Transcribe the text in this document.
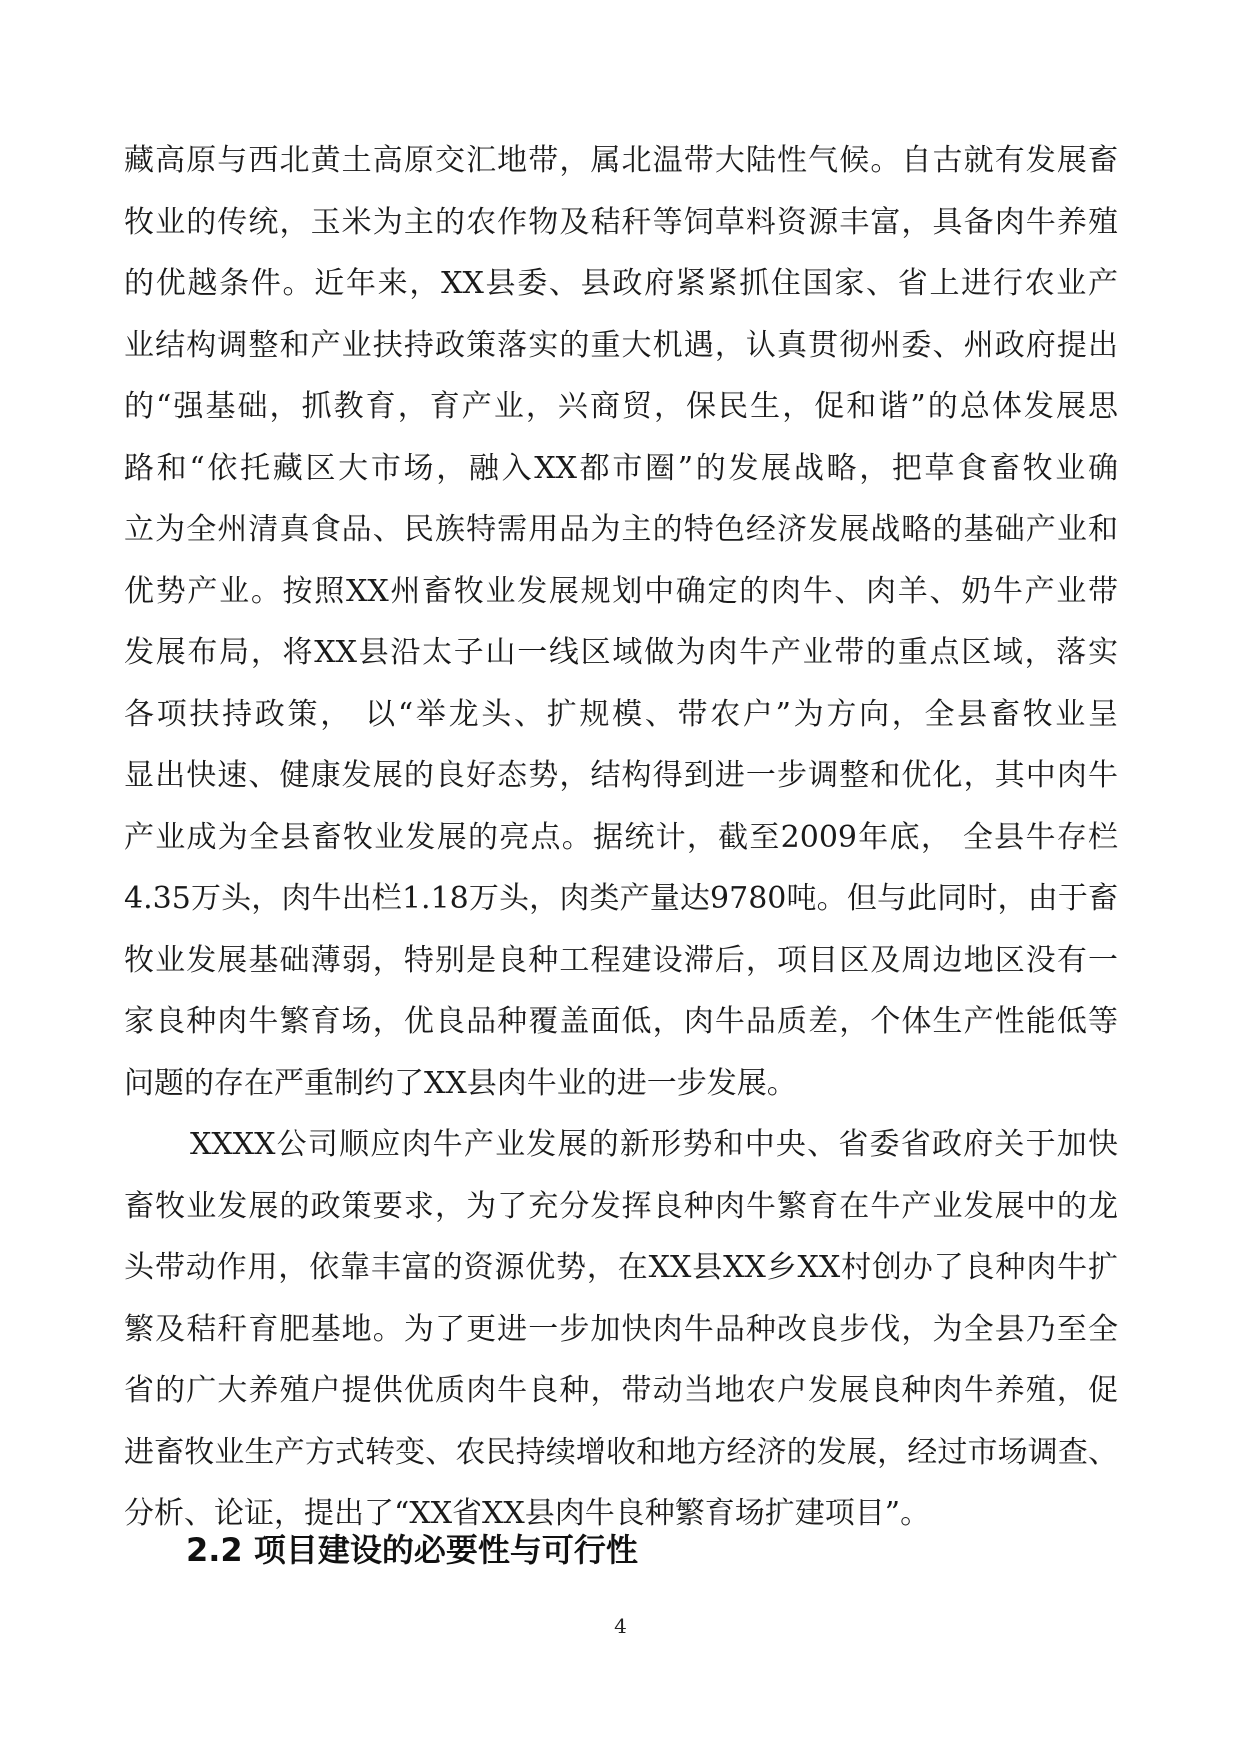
藏高原与西北黄土高原交汇地带，属北温带大陆性气候。自古就有发展畜
牧业的传统，玉米为主的农作物及秸秆等饲草料资源丰富，具备肉牛养殖
的优越条件。近年来，XX县委、县政府紧紧抓住国家、省上进行农业产
业结构调整和产业扶持政策落实的重大机遇，认真贯彻州委、州政府提出
的“强基础，抓教育，育产业，兴商贸，保民生，促和谐”的总体发展思
路和“依托藏区大市场，融入XX都市圈”的发展战略，把草食畜牧业确
立为全州清真食品、民族特需用品为主的特色经济发展战略的基础产业和
优势产业。按照XX州畜牧业发展规划中确定的肉牛、肉羊、奶牛产业带
发展布局，将XX县沿太子山一线区域做为肉牛产业带的重点区域，落实
各项扶持政策， 以“举龙头、扩规模、带农户”为方向，全县畜牧业呈
显出快速、健康发展的良好态势，结构得到进一步调整和优化，其中肉牛
产业成为全县畜牧业发展的亮点。据统计，截至2009年底， 全县牛存栏
4.35万头，肉牛出栏1.18万头，肉类产量达9780吨。但与此同时，由于畜
牧业发展基础薄弱，特别是良种工程建设滞后，项目区及周边地区没有一
家良种肉牛繁育场，优良品种覆盖面低，肉牛品质差，个体生产性能低等
问题的存在严重制约了XX县肉牛业的进一步发展。
XXXX公司顺应肉牛产业发展的新形势和中央、省委省政府关于加快
畜牧业发展的政策要求，为了充分发挥良种肉牛繁育在牛产业发展中的龙
头带动作用，依靠丰富的资源优势，在XX县XX乡XX村创办了良种肉牛扩
繁及秸秆育肥基地。为了更进一步加快肉牛品种改良步伐，为全县乃至全
省的广大养殖户提供优质肉牛良种，带动当地农户发展良种肉牛养殖，促
进畜牧业生产方式转变、农民持续增收和地方经济的发展，经过市场调查、
分析、论证，提出了“XX省XX县肉牛良种繁育场扩建项目”。
2.2 项目建设的必要性与可行性
4
